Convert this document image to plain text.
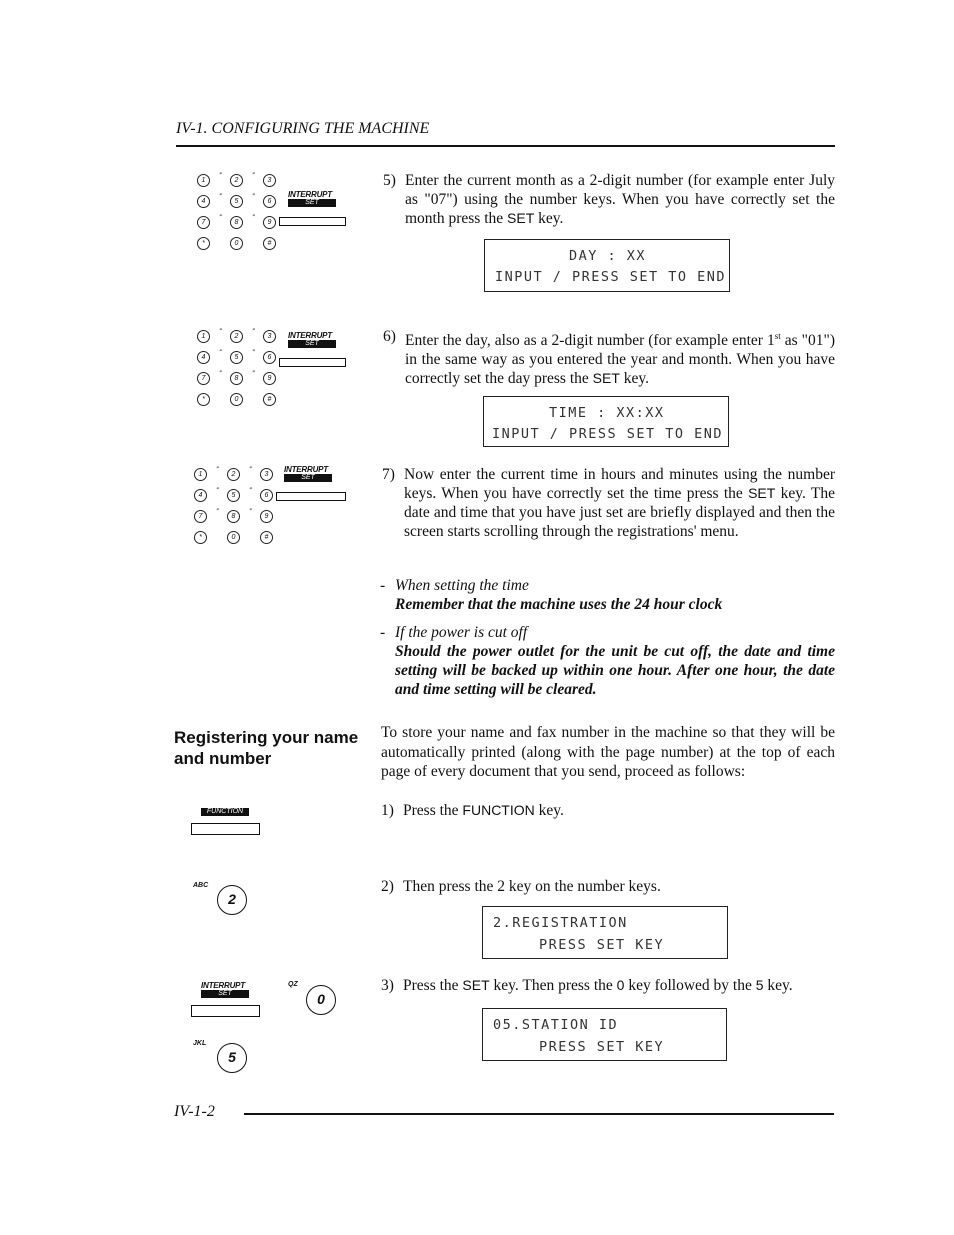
IV-1. CONFIGURING THE MACHINE
1	2
‴
3
‴
4	5
‴
6
‴
7	8
‴
9
‴
*	0	#
1	2
‴
3
‴
4	5
‴
6
‴
7	8
‴
9
‴
*	0	#
1	2
‴
3
‴
4	5
‴
6
‴
7	8
‴
9
‴
*	0	#
INTERRUPT
SET
INTERRUPT
SET
INTERRUPT
SET
5) Enter the current month as a 2-digit number (for example enter July as "07") using the number keys. When you have correctly set the month press the SET key.
DAY : XX
INPUT / PRESS SET TO END
6) Enter the day, also as a 2-digit number (for example enter 1st as "01") in the same way as you entered the year and month. When you have correctly set the day press the SET key.
TIME : XX:XX
INPUT / PRESS SET TO END
7) Now enter the current time in hours and minutes using the number keys. When you have correctly set the time press the SET key. The date and time that you have just set are briefly displayed and then the screen starts scrolling through the registrations' menu.
- When setting the time
Remember that the machine uses the 24 hour clock
- If the power is cut off
Should the power outlet for the unit be cut off, the date and time setting will be backed up within one hour. After one hour, the date and time setting will be cleared.
Registering your name and number
To store your name and fax number in the machine so that they will be automatically printed (along with the page number) at the top of each page of every document that you send, proceed as follows:
FUNCTION	1) Press the FUNCTION key.
ABC
2
2) Then press the 2 key on the number keys.
2.REGISTRATION
PRESS SET KEY
INTERRUPT
SET
QZ
0
JKL
5
3) Press the SET key. Then press the 0 key followed by the 5 key.
05.STATION ID
PRESS SET KEY
IV-1-2
